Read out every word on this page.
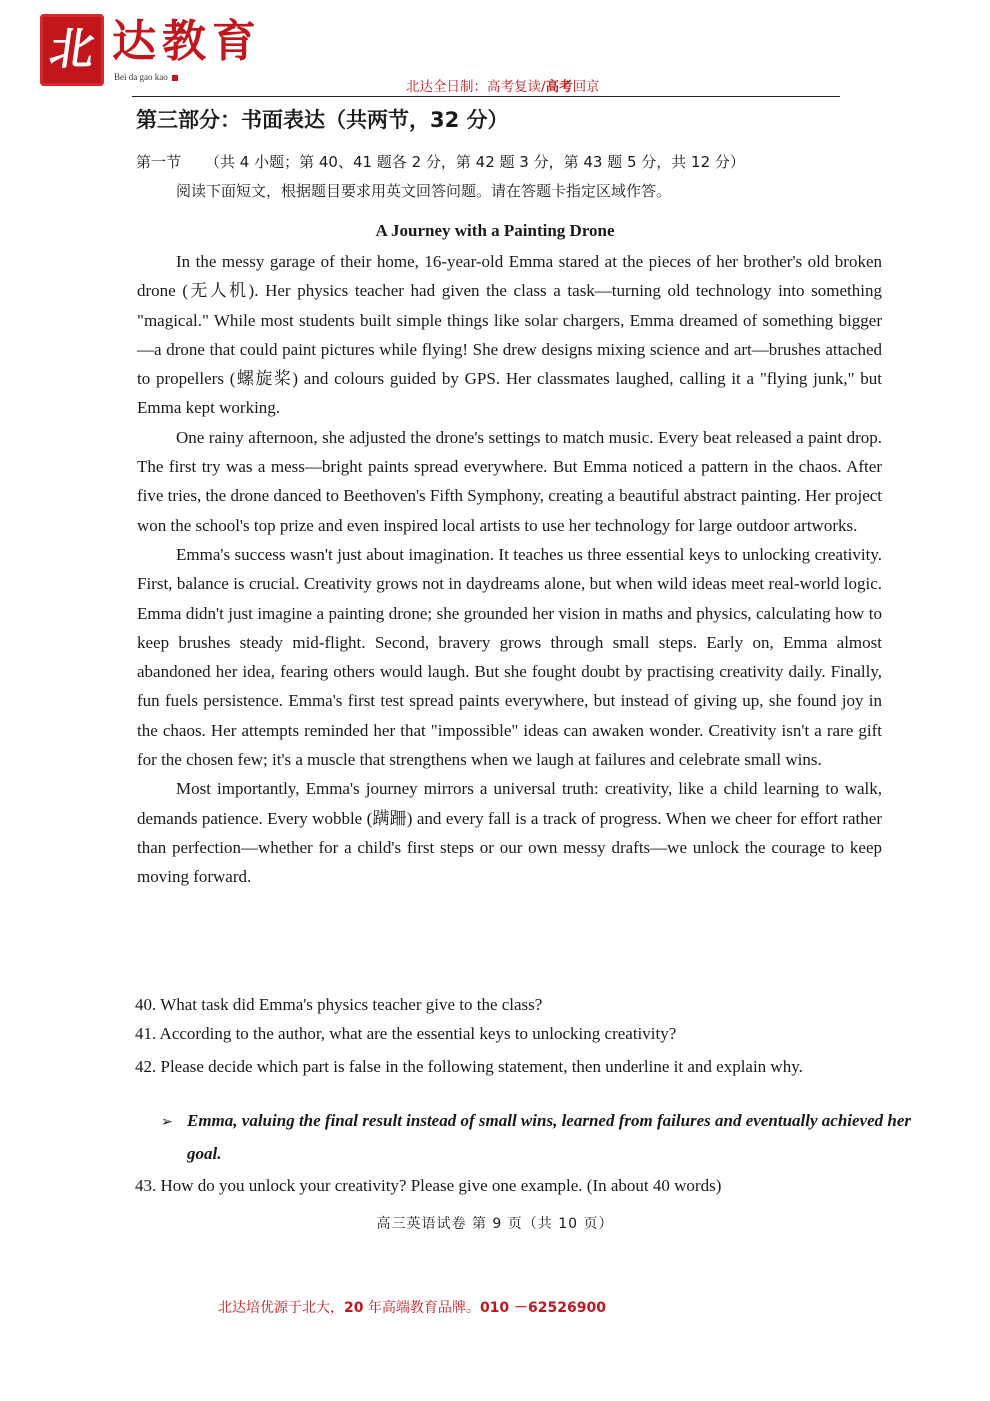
北 达教育
Bei da gao kao
北达全日制：高考复读/高考回京
第三部分：书面表达（共两节，32 分）
第一节 （共 4 小题；第 40、41 题各 2 分，第 42 题 3 分，第 43 题 5 分，共 12 分）
阅读下面短文，根据题目要求用英文回答问题。请在答题卡指定区域作答。
A Journey with a Painting Drone

In the messy garage of their home, 16-year-old Emma stared at the pieces of her brother's old broken drone (无人机). Her physics teacher had given the class a task—turning old technology into something "magical." While most students built simple things like solar chargers, Emma dreamed of something bigger—a drone that could paint pictures while flying! She drew designs mixing science and art—brushes attached to propellers (螺旋桨) and colours guided by GPS. Her classmates laughed, calling it a "flying junk," but Emma kept working.

One rainy afternoon, she adjusted the drone's settings to match music. Every beat released a paint drop. The first try was a mess—bright paints spread everywhere. But Emma noticed a pattern in the chaos. After five tries, the drone danced to Beethoven's Fifth Symphony, creating a beautiful abstract painting. Her project won the school's top prize and even inspired local artists to use her technology for large outdoor artworks.

Emma's success wasn't just about imagination. It teaches us three essential keys to unlocking creativity. First, balance is crucial. Creativity grows not in daydreams alone, but when wild ideas meet real-world logic. Emma didn't just imagine a painting drone; she grounded her vision in maths and physics, calculating how to keep brushes steady mid-flight. Second, bravery grows through small steps. Early on, Emma almost abandoned her idea, fearing others would laugh. But she fought doubt by practising creativity daily. Finally, fun fuels persistence. Emma's first test spread paints everywhere, but instead of giving up, she found joy in the chaos. Her attempts reminded her that "impossible" ideas can awaken wonder. Creativity isn't a rare gift for the chosen few; it's a muscle that strengthens when we laugh at failures and celebrate small wins.

Most importantly, Emma's journey mirrors a universal truth: creativity, like a child learning to walk, demands patience. Every wobble (蹒跚) and every fall is a track of progress. When we cheer for effort rather than perfection—whether for a child's first steps or our own messy drafts—we unlock the courage to keep moving forward.

40. What task did Emma's physics teacher give to the class?
41. According to the author, what are the essential keys to unlocking creativity?
42. Please decide which part is false in the following statement, then underline it and explain why.
➢ Emma, valuing the final result instead of small wins, learned from failures and eventually achieved her goal.
43. How do you unlock your creativity? Please give one example. (In about 40 words)
高三英语试卷 第 9 页（共 10 页）
北达培优源于北大，20 年高端教育品牌。010 －62526900
